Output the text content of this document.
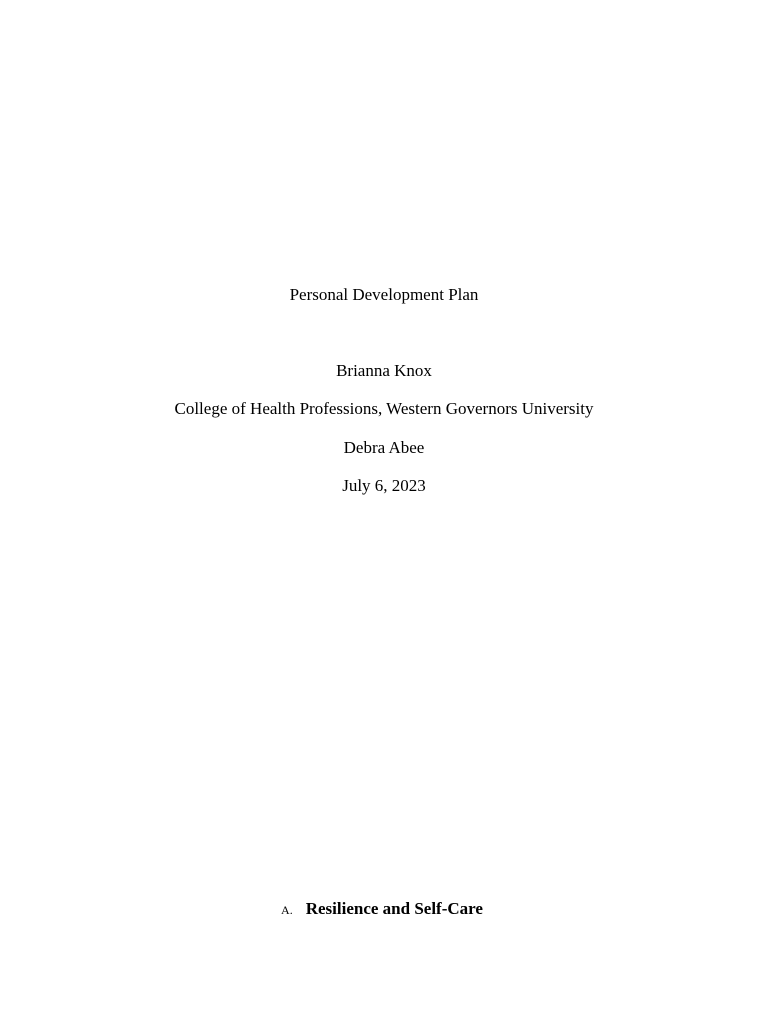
Personal Development Plan
Brianna Knox
College of Health Professions, Western Governors University
Debra Abee
July 6, 2023
A. Resilience and Self-Care
